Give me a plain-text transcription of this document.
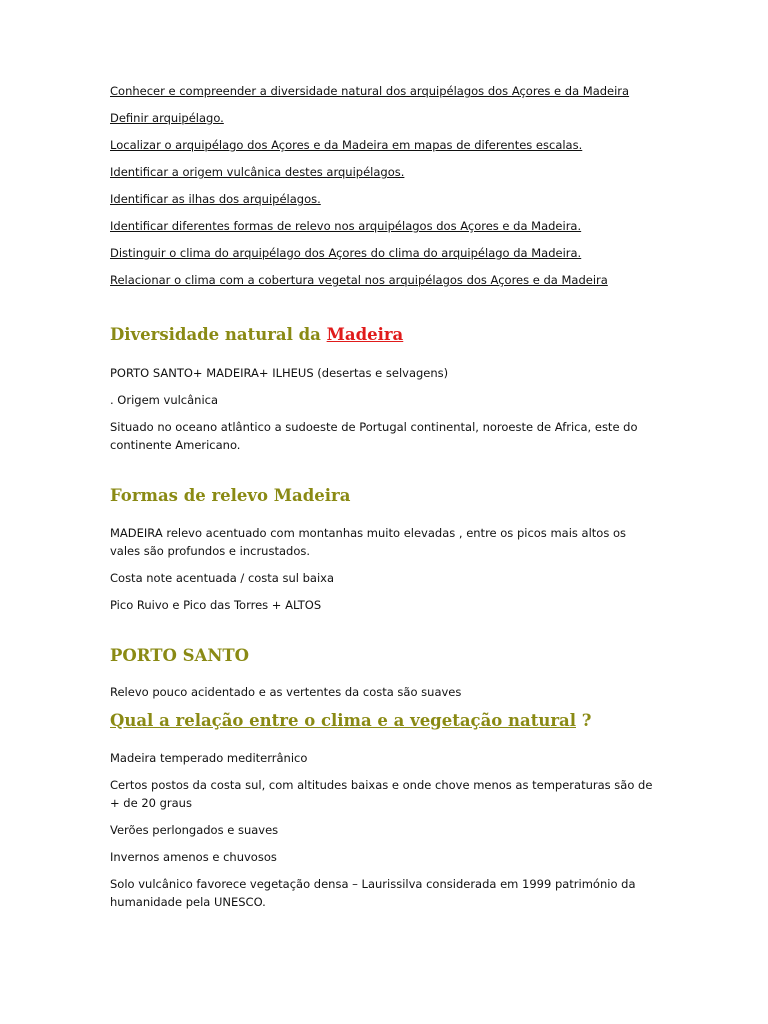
Conhecer e compreender a diversidade natural dos arquipélagos dos Açores e da Madeira

Definir arquipélago.

Localizar o arquipélago dos Açores e da Madeira em mapas de diferentes escalas.

Identificar a origem vulcânica destes arquipélagos.

Identificar as ilhas dos arquipélagos.

Identificar diferentes formas de relevo nos arquipélagos dos Açores e da Madeira.

Distinguir o clima do arquipélago dos Açores do clima do arquipélago da Madeira.

Relacionar o clima com a cobertura vegetal nos arquipélagos dos Açores e da Madeira

Diversidade natural da Madeira

PORTO SANTO+ MADEIRA+ ILHEUS (desertas e selvagens)

. Origem vulcânica

Situado no oceano atlântico a sudoeste de Portugal continental, noroeste de Africa, este do continente Americano.

Formas de relevo Madeira

MADEIRA relevo acentuado com montanhas muito elevadas , entre os picos mais altos os vales são profundos e incrustados.

Costa note acentuada / costa sul baixa

Pico Ruivo e Pico das Torres + ALTOS

PORTO SANTO

Relevo pouco acidentado e as vertentes da costa são suaves

Qual a relação entre o clima e a vegetação natural ?

Madeira temperado mediterrânico

Certos postos da costa sul, com altitudes baixas e onde chove menos as temperaturas são de + de 20 graus

Verões perlongados e suaves

Invernos amenos e chuvosos

Solo vulcânico favorece vegetação densa – Laurissilva considerada em 1999 património da humanidade pela UNESCO.
